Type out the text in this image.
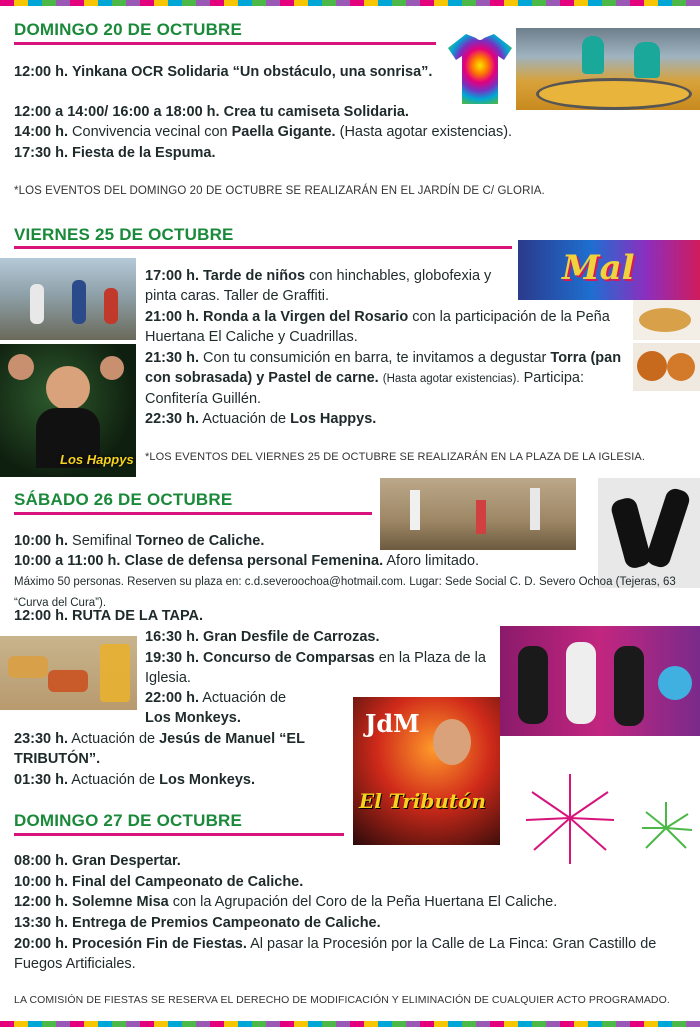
DOMINGO 20 DE OCTUBRE
12:00 h. Yinkana OCR Solidaria “Un obstáculo, una sonrisa”.
12:00 a 14:00/ 16:00 a 18:00 h. Crea tu camiseta Solidaria.
14:00 h. Convivencia vecinal con Paella Gigante. (Hasta agotar existencias).
17:30 h. Fiesta de la Espuma.
*LOS EVENTOS DEL DOMINGO 20 DE OCTUBRE SE REALIZARÁN EN EL JARDÍN DE C/ GLORIA.
VIERNES 25 DE OCTUBRE
Mal
Los Happys
17:00 h. Tarde de niños con hinchables, globofexia y pinta caras. Taller de Graffiti.
21:00 h. Ronda a la Virgen del Rosario con la participación de la Peña Huertana El Caliche y Cuadrillas.
21:30 h. Con tu consumición en barra, te invitamos a degustar Torra (pan con sobrasada) y Pastel de carne. (Hasta agotar existencias). Participa: Confitería Guillén.
22:30 h. Actuación de Los Happys.
*LOS EVENTOS DEL VIERNES 25 DE OCTUBRE SE REALIZARÁN EN LA PLAZA DE LA IGLESIA.
SÁBADO 26 DE OCTUBRE
10:00 h. Semifinal Torneo de Caliche.
10:00 a 11:00 h. Clase de defensa personal Femenina. Aforo limitado.
Máximo 50 personas. Reserven su plaza en: c.d.severoochoa@hotmail.com. Lugar: Sede Social C. D. Severo Ochoa (Tejeras, 63 “Curva del Cura”).
12:00 h. RUTA DE LA TAPA.
16:30 h. Gran Desfile de Carrozas.
19:30 h. Concurso de Comparsas en la Plaza de la Iglesia.
22:00 h. Actuación de
Los Monkeys.	JdM
El Tributón
23:30 h. Actuación de Jesús de Manuel “EL TRIBUTÓN”.
01:30 h. Actuación de Los Monkeys.
DOMINGO 27 DE OCTUBRE
08:00 h. Gran Despertar.
10:00 h. Final del Campeonato de Caliche.
12:00 h. Solemne Misa con la Agrupación del Coro de la Peña Huertana El Caliche.
13:30 h. Entrega de Premios Campeonato de Caliche.
20:00 h. Procesión Fin de Fiestas. Al pasar la Procesión por la Calle de La Finca: Gran Castillo de Fuegos Artificiales.
LA COMISIÓN DE FIESTAS SE RESERVA EL DERECHO DE MODIFICACIÓN Y ELIMINACIÓN DE CUALQUIER ACTO PROGRAMADO.
